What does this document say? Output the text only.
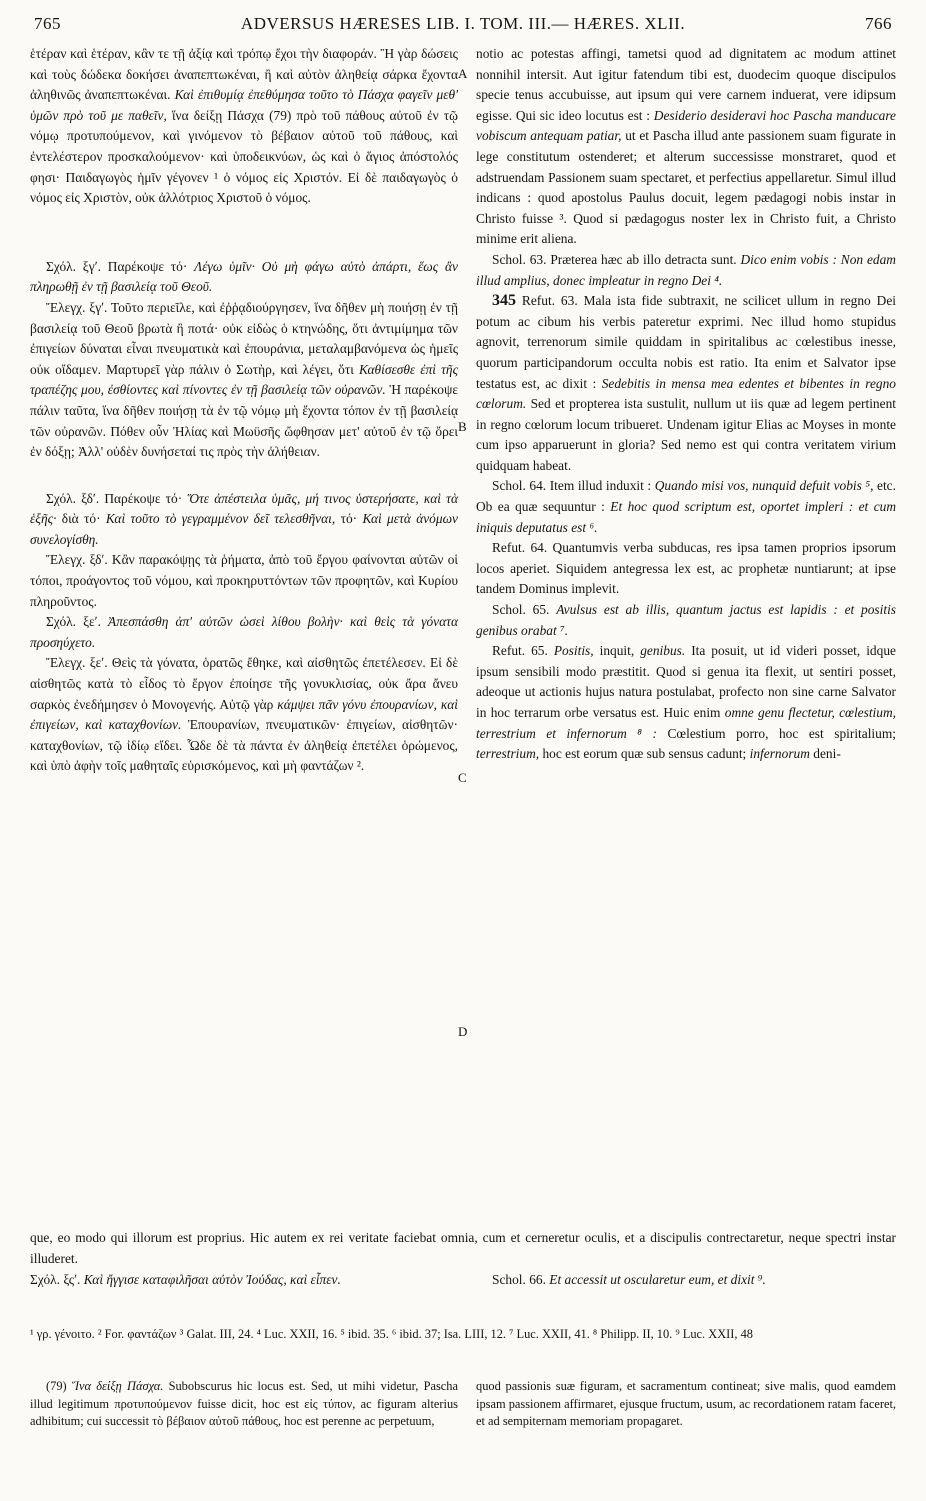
765	ADVERSUS HÆRESES LIB. I. TOM. III.— HÆRES. XLII.	766
A
B
C
D

ἑτέραν καὶ ἑτέραν, κἂν τε τῇ ἀξίᾳ καὶ τρόπῳ ἔχοι τὴν διαφοράν. Ἢ γὰρ δώσεις καὶ τοὺς δώδεκα δοκήσει ἀναπεπτωκέναι, ἢ καὶ αὐτὸν ἀληθείᾳ σάρκα ἔχοντα ἀληθινῶς ἀναπεπτωκέναι. Καὶ ἐπιθυμίᾳ ἐπεθύμησα τοῦτο τὸ Πάσχα φαγεῖν μεθ' ὑμῶν πρὸ τοῦ με παθεῖν, ἵνα δείξῃ Πάσχα (79) πρὸ τοῦ πάθους αὐτοῦ ἐν τῷ νόμῳ προτυπούμενον, καὶ γινόμενον τὸ βέβαιον αὐτοῦ τοῦ πάθους, καὶ ἐντελέστερον προσκαλούμενον· καὶ ὑποδεικνύων, ὡς καὶ ὁ ἅγιος ἀπόστολός φησι· Παιδαγωγὸς ἡμῖν γέγονεν ¹ ὁ νόμος εἰς Χριστόν. Εἰ δὲ παιδαγωγὸς ὁ νόμος εἰς Χριστὸν, οὐκ ἀλλότριος Χριστοῦ ὁ νόμος.

Σχόλ. ξγʹ. Παρέκοψε τό· Λέγω ὑμῖν· Οὐ μὴ φάγω αὐτὸ ἀπάρτι, ἕως ἂν πληρωθῇ ἐν τῇ βασιλείᾳ τοῦ Θεοῦ.

Ἔλεγχ. ξγʹ. Τοῦτο περιεῖλε, καὶ ἐῤῥᾳδιούργησεν, ἵνα δῆθεν μὴ ποιήσῃ ἐν τῇ βασιλείᾳ τοῦ Θεοῦ βρωτὰ ἢ ποτά· οὐκ εἰδὼς ὁ κτηνώδης, ὅτι ἀντιμίμημα τῶν ἐπιγείων δύναται εἶναι πνευματικὰ καὶ ἐπουράνια, μεταλαμβανόμενα ὡς ἡμεῖς οὐκ οἴδαμεν. Μαρτυρεῖ γὰρ πάλιν ὁ Σωτὴρ, καὶ λέγει, ὅτι Καθίσεσθε ἐπὶ τῆς τραπέζης μου, ἐσθίοντες καὶ πίνοντες ἐν τῇ βασιλείᾳ τῶν οὐρανῶν. Ἡ παρέκοψε πάλιν ταῦτα, ἵνα δῆθεν ποιήσῃ τὰ ἐν τῷ νόμῳ μὴ ἔχοντα τόπον ἐν τῇ βασιλείᾳ τῶν οὐρανῶν. Πόθεν οὖν Ἠλίας καὶ Μωϋσῆς ὤφθησαν μετ' αὐτοῦ ἐν τῷ ὄρει ἐν δόξῃ; Ἀλλ' οὐδὲν δυνήσεταί τις πρὸς τὴν ἀλήθειαν.

Σχόλ. ξδʹ. Παρέκοψε τό· Ὅτε ἀπέστειλα ὑμᾶς, μή τινος ὑστερήσατε, καὶ τὰ ἑξῆς· διὰ τό· Καὶ τοῦτο τὸ γεγραμμένον δεῖ τελεσθῆναι, τό· Καὶ μετὰ ἀνόμων συνελογίσθη.

Ἔλεγχ. ξδʹ. Κἂν παρακόψῃς τὰ ῥήματα, ἀπὸ τοῦ ἔργου φαίνονται αὐτῶν οἱ τόποι, προάγοντος τοῦ νόμου, καὶ προκηρυττόντων τῶν προφητῶν, καὶ Κυρίου πληροῦντος.

Σχόλ. ξεʹ. Ἀπεσπάσθη ἀπ' αὐτῶν ὡσεὶ λίθου βολὴν· καὶ θεὶς τὰ γόνατα προσηύχετο.

Ἔλεγχ. ξεʹ. Θεὶς τὰ γόνατα, ὁρατῶς ἔθηκε, καὶ αἰσθητῶς ἐπετέλεσεν. Εἰ δὲ αἰσθητῶς κατὰ τὸ εἶδος τὸ ἔργον ἐποίησε τῆς γονυκλισίας, οὐκ ἄρα ἄνευ σαρκὸς ἐνεδήμησεν ὁ Μονογενής. Αὐτῷ γὰρ κάμψει πᾶν γόνυ ἐπουρανίων, καὶ ἐπιγείων, καὶ καταχθονίων. Ἐπουρανίων, πνευματικῶν· ἐπιγείων, αἰσθητῶν· καταχθονίων, τῷ ἰδίῳ εἴδει. Ὧδε δὲ τὰ πάντα ἐν ἀληθείᾳ ἐπετέλει ὁρώμενος, καὶ ὑπὸ ἀφὴν τοῖς μαθηταῖς εὑρισκόμενος, καὶ μὴ φαντάζων ².

notio ac potestas affingi, tametsi quod ad dignitatem ac modum attinet nonnihil intersit. Aut igitur fatendum tibi est, duodecim quoque discipulos specie tenus accubuisse, aut ipsum qui vere carnem induerat, vere idipsum egisse. Qui sic ideo locutus est : Desiderio desideravi hoc Pascha manducare vobiscum antequam patiar, ut et Pascha illud ante passionem suam figurate in lege constitutum ostenderet; et alterum successisse monstraret, quod et adstruendam Passionem suam spectaret, et perfectius appellaretur. Simul illud indicans : quod apostolus Paulus docuit, legem pædagogi nobis instar in Christo fuisse ³. Quod si pædagogus noster lex in Christo fuit, a Christo minime erit aliena.

Schol. 63. Præterea hæc ab illo detracta sunt. Dico enim vobis : Non edam illud amplius, donec impleatur in regno Dei ⁴.

345 Refut. 63. Mala ista fide subtraxit, ne scilicet ullum in regno Dei potum ac cibum his verbis pateretur exprimi. Nec illud homo stupidus agnovit, terrenorum simile quiddam in spiritalibus ac cœlestibus inesse, quorum participandorum occulta nobis est ratio. Ita enim et Salvator ipse testatus est, ac dixit : Sedebitis in mensa mea edentes et bibentes in regno cœlorum. Sed et propterea ista sustulit, nullum ut iis quæ ad legem pertinent in regno cœlorum locum tribueret. Undenam igitur Elias ac Moyses in monte cum ipso apparuerunt in gloria? Sed nemo est qui contra veritatem virium quidquam habeat.

Schol. 64. Item illud induxit : Quando misi vos, nunquid defuit vobis ⁵, etc. Ob ea quæ sequuntur : Et hoc quod scriptum est, oportet impleri : et cum iniquis deputatus est ⁶.

Refut. 64. Quantumvis verba subducas, res ipsa tamen proprios ipsorum locos aperiet. Siquidem antegressa lex est, ac prophetæ nuntiarunt; at ipse tandem Dominus implevit.

Schol. 65. Avulsus est ab illis, quantum jactus est lapidis : et positis genibus orabat ⁷.

Refut. 65. Positis, inquit, genibus. Ita posuit, ut id videri posset, idque ipsum sensibili modo præstitit. Quod si genua ita flexit, ut sentiri posset, adeoque ut actionis hujus natura postulabat, profecto non sine carne Salvator in hoc terrarum orbe versatus est. Huic enim omne genu flectetur, cœlestium, terrestrium et infernorum ⁸ : Cœlestium porro, hoc est spiritalium; terrestrium, hoc est eorum quæ sub sensus cadunt; infernorum deni-

que, eo modo qui illorum est proprius. Hic autem ex rei veritate faciebat omnia, cum et cerneretur oculis, et a discipulis contrectaretur, neque spectri instar illuderet.
Σχόλ. ξςʹ. Καὶ ἤγγισε καταφιλῆσαι αὐτὸν Ἰούδας, καὶ εἶπεν.	Schol. 66. Et accessit ut oscularetur eum, et dixit ⁹.
¹ γρ. γένοιτο. ² For. φαντάζων ³ Galat. III, 24. ⁴ Luc. XXII, 16. ⁵ ibid. 35. ⁶ ibid. 37; Isa. LIII, 12. ⁷ Luc. XXII, 41. ⁸ Philipp. II, 10. ⁹ Luc. XXII, 48
(79) Ἵνα δείξῃ Πάσχα. Subobscurus hic locus est. Sed, ut mihi videtur, Pascha illud legitimum προτυπούμενον fuisse dicit, hoc est εἰς τύπον, ac figuram alterius adhibitum; cui successit τὸ βέβαιον αὐτοῦ πάθους, hoc est perenne ac perpetuum,
quod passionis suæ figuram, et sacramentum contineat; sive malis, quod eamdem ipsam passionem affirmaret, ejusque fructum, usum, ac recordationem ratam faceret, et ad sempiternam memoriam propagaret.
